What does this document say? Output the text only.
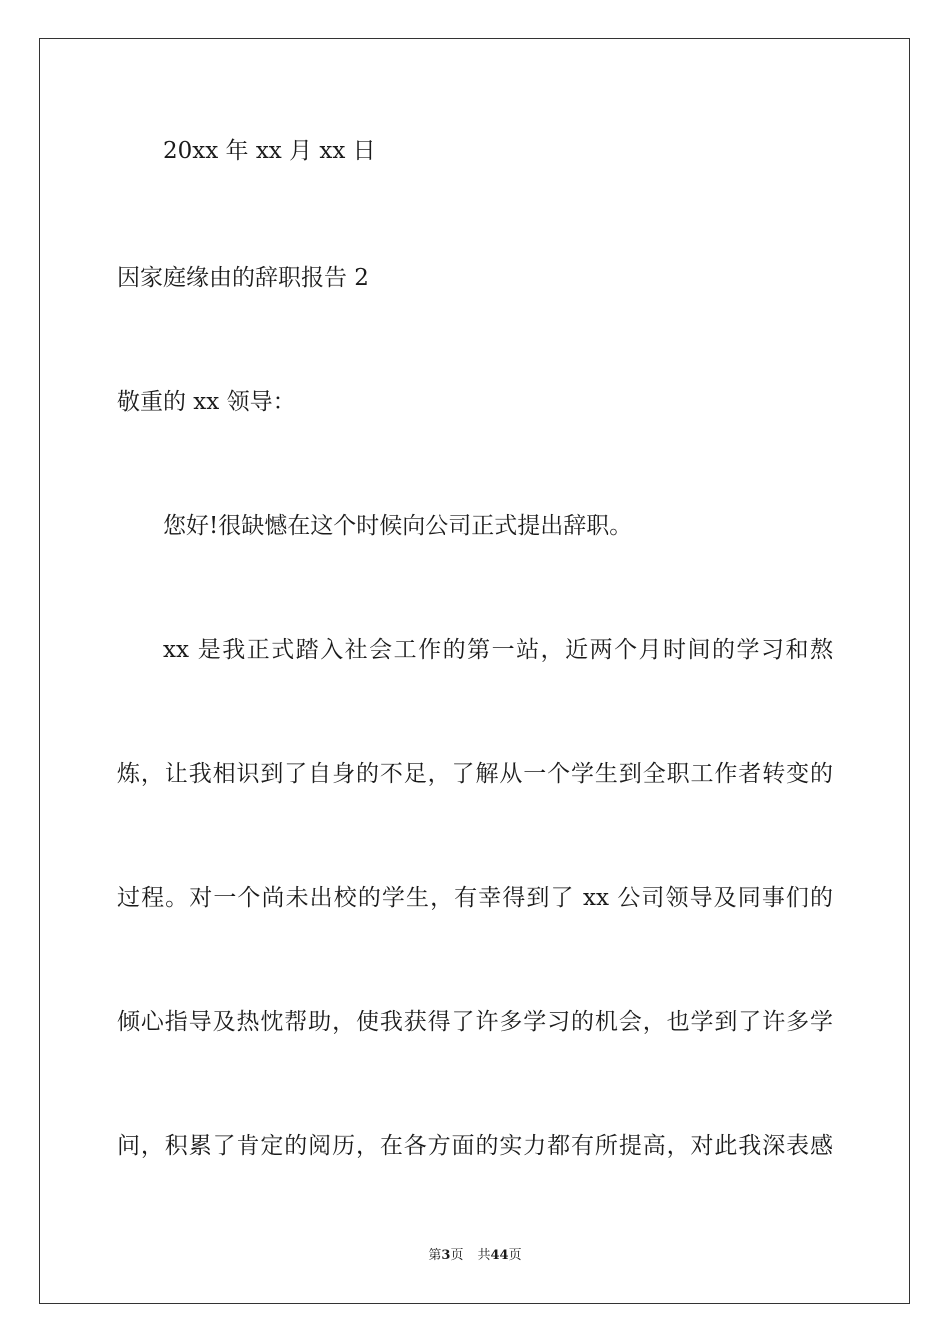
20xx 年 xx 月 xx 日
因家庭缘由的辞职报告 2
敬重的 xx 领导：
您好!很缺憾在这个时候向公司正式提出辞职。
xx 是我正式踏入社会工作的第一站，近两个月时间的学习和熬
炼，让我相识到了自身的不足，了解从一个学生到全职工作者转变的
过程。对一个尚未出校的学生，有幸得到了 xx 公司领导及同事们的
倾心指导及热忱帮助，使我获得了许多学习的机会，也学到了许多学
问，积累了肯定的阅历，在各方面的实力都有所提高，对此我深表感
第3页 共44页
